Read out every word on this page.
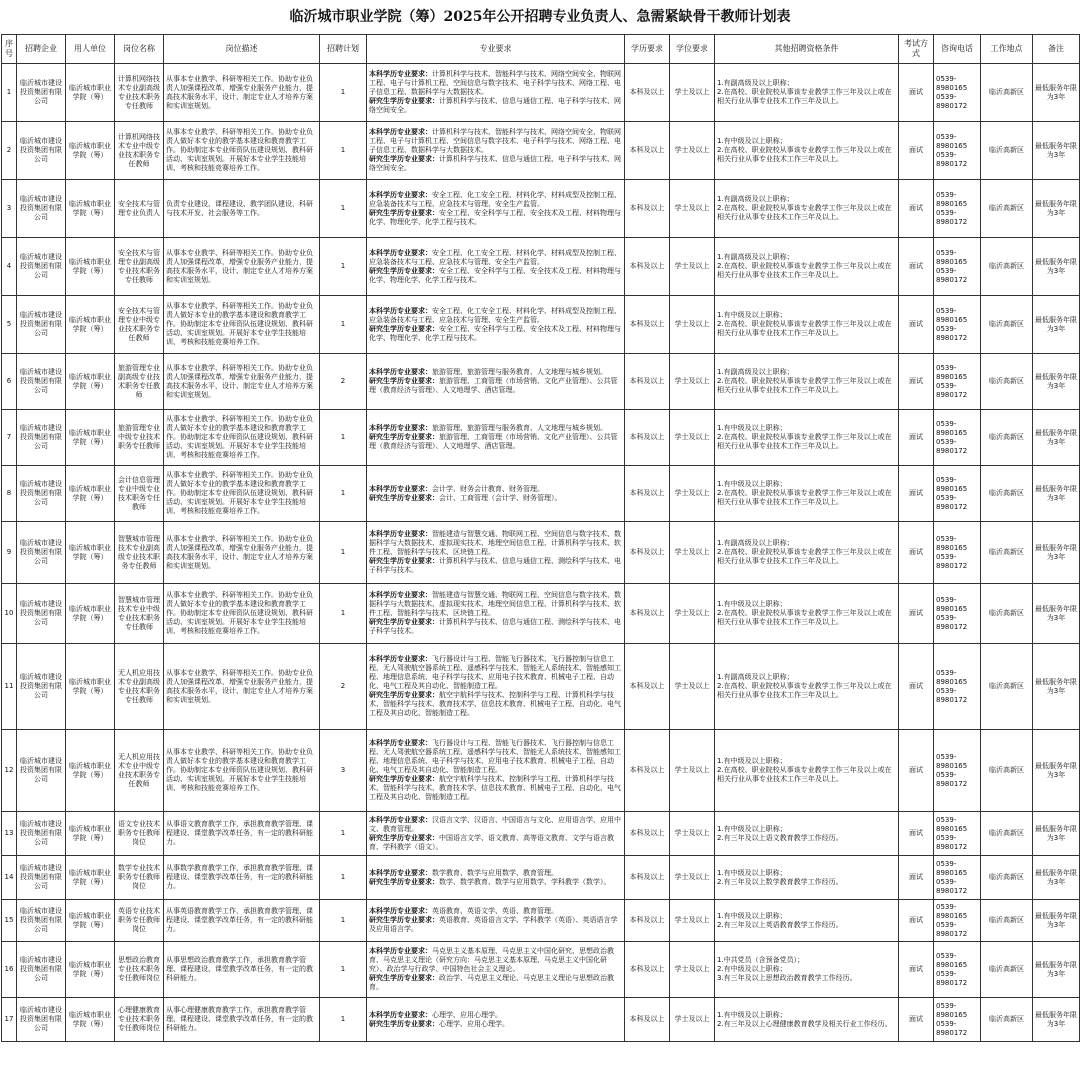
临沂城市职业学院（筹）2025年公开招聘专业负责人、急需紧缺骨干教师计划表
序号	招聘企业	用人单位	岗位名称	岗位描述	招聘计划	专业要求	学历要求	学位要求	其他招聘资格条件	考试方式	咨询电话	工作地点	备注
1	临沂城市建设投资集团有限公司	临沂城市职业学院（筹）	计算机网络技术专业副高级专业技术职务专任教师	从事本专业教学、科研等相关工作。协助专业负责人加强课程改革，增强专业服务产业能力，提高技术服务水平，设计、制定专业人才培养方案和实训室规划。	1	本科学历专业要求：计算机科学与技术、智能科学与技术、网络空间安全、物联网工程、电子与计算机工程、空间信息与数字技术、电子科学与技术、网络工程、电子信息工程、数据科学与大数据技术。
研究生学历专业要求：计算机科学与技术、信息与通信工程、电子科学与技术、网络空间安全。	本科及以上	学士及以上	1.有副高级及以上职称；
2.在高校、职业院校从事该专业教学工作三年及以上或在相关行业从事专业技术工作三年及以上。	面试	0539-8980165 0539-8980172	临沂高新区	最低服务年限为3年
2	临沂城市建设投资集团有限公司	临沂城市职业学院（筹）	计算机网络技术专业中级专业技术职务专任教师	从事本专业教学、科研等相关工作。协助专业负责人做好本专业的教学基本建设和教育教学工作。协助制定本专业师资队伍建设规划、教科研活动、实训室规划。开展好本专业学生技能培训、考核和技能竞赛培养工作。	1	本科学历专业要求：计算机科学与技术、智能科学与技术、网络空间安全、物联网工程、电子与计算机工程、空间信息与数字技术、电子科学与技术、网络工程、电子信息工程、数据科学与大数据技术。
研究生学历专业要求：计算机科学与技术、信息与通信工程、电子科学与技术、网络空间安全。	本科及以上	学士及以上	1.有中级及以上职称；
2.在高校、职业院校从事该专业教学工作三年及以上或在相关行业从事专业技术工作三年及以上。	面试	0539-8980165 0539-8980172	临沂高新区	最低服务年限为3年
3	临沂城市建设投资集团有限公司	临沂城市职业学院（筹）	安全技术与管理专业负责人	负责专业建设、课程建设、教学团队建设，科研与技术开发、社会服务等工作。	1	本科学历专业要求：安全工程、化工安全工程、材料化学、材料成型及控制工程、应急装备技术与工程、应急技术与管理、安全生产监管。
研究生学历专业要求：安全工程、安全科学与工程、安全技术及工程、材料物理与化学、物理化学、化学工程与技术。	本科及以上	学士及以上	1.有副高级及以上职称；
2.在高校、职业院校从事该专业教学工作三年及以上或在相关行业从事专业技术工作三年及以上。	面试	0539-8980165 0539-8980172	临沂高新区	最低服务年限为3年
4	临沂城市建设投资集团有限公司	临沂城市职业学院（筹）	安全技术与管理专业副高级专业技术职务专任教师	从事本专业教学、科研等相关工作。协助专业负责人加强课程改革，增强专业服务产业能力，提高技术服务水平，设计、制定专业人才培养方案和实训室规划。	1	本科学历专业要求：安全工程、化工安全工程、材料化学、材料成型及控制工程、应急装备技术与工程、应急技术与管理、安全生产监管。
研究生学历专业要求：安全工程、安全科学与工程、安全技术及工程、材料物理与化学、物理化学、化学工程与技术。	本科及以上	学士及以上	1.有副高级及以上职称；
2.在高校、职业院校从事该专业教学工作三年及以上或在相关行业从事专业技术工作三年及以上。	面试	0539-8980165 0539-8980172	临沂高新区	最低服务年限为3年
5	临沂城市建设投资集团有限公司	临沂城市职业学院（筹）	安全技术与管理专业中级专业技术职务专任教师	从事本专业教学、科研等相关工作。协助专业负责人做好本专业的教学基本建设和教育教学工作。协助制定本专业师资队伍建设规划、教科研活动、实训室规划。开展好本专业学生技能培训、考核和技能竞赛培养工作。	1	本科学历专业要求：安全工程、化工安全工程、材料化学、材料成型及控制工程、应急装备技术与工程、应急技术与管理、安全生产监管。
研究生学历专业要求：安全工程、安全科学与工程、安全技术及工程、材料物理与化学、物理化学、化学工程与技术。	本科及以上	学士及以上	1.有中级及以上职称；
2.在高校、职业院校从事该专业教学工作三年及以上或在相关行业从事专业技术工作三年及以上。	面试	0539-8980165 0539-8980172	临沂高新区	最低服务年限为3年
6	临沂城市建设投资集团有限公司	临沂城市职业学院（筹）	旅游管理专业副高级专业技术职务专任教师	从事本专业教学、科研等相关工作。协助专业负责人加强课程改革，增强专业服务产业能力，提高技术服务水平，设计、制定专业人才培养方案和实训室规划。	2	本科学历专业要求：旅游管理、旅游管理与服务教育、人文地理与城乡规划。
研究生学历专业要求：旅游管理、工商管理（市场营销、文化产业管理）、公共管理（教育经济与管理）、人文地理学、酒店管理。	本科及以上	学士及以上	1.有副高级及以上职称；
2.在高校、职业院校从事该专业教学工作三年及以上或在相关行业从事专业技术工作三年及以上。	面试	0539-8980165 0539-8980172	临沂高新区	最低服务年限为3年
7	临沂城市建设投资集团有限公司	临沂城市职业学院（筹）	旅游管理专业中级专业技术职务专任教师	从事本专业教学、科研等相关工作。协助专业负责人做好本专业的教学基本建设和教育教学工作。协助制定本专业师资队伍建设规划、教科研活动、实训室规划。开展好本专业学生技能培训、考核和技能竞赛培养工作。	1	本科学历专业要求：旅游管理、旅游管理与服务教育、人文地理与城乡规划。
研究生学历专业要求：旅游管理、工商管理（市场营销、文化产业管理）、公共管理（教育经济与管理）、人文地理学、酒店管理。	本科及以上	学士及以上	1.有中级及以上职称；
2.在高校、职业院校从事该专业教学工作三年及以上或在相关行业从事专业技术工作三年及以上。	面试	0539-8980165 0539-8980172	临沂高新区	最低服务年限为3年
8	临沂城市建设投资集团有限公司	临沂城市职业学院（筹）	会计信息管理专业中级专业技术职务专任教师	从事本专业教学、科研等相关工作。协助专业负责人做好本专业的教学基本建设和教育教学工作。协助制定本专业师资队伍建设规划、教科研活动、实训室规划。开展好本专业学生技能培训、考核和技能竞赛培养工作。	1	本科学历专业要求：会计学、财务会计教育、财务管理。
研究生学历专业要求：会计、工商管理（会计学、财务管理）。	本科及以上	学士及以上	1.有中级及以上职称；
2.在高校、职业院校从事该专业教学工作三年及以上或在相关行业从事专业技术工作三年及以上。	面试	0539-8980165 0539-8980172	临沂高新区	最低服务年限为3年
9	临沂城市建设投资集团有限公司	临沂城市职业学院（筹）	智慧城市管理技术专业副高级专业技术职务专任教师	从事本专业教学、科研等相关工作。协助专业负责人加强课程改革，增强专业服务产业能力，提高技术服务水平，设计、制定专业人才培养方案和实训室规划。	1	本科学历专业要求：智能建造与智慧交通、物联网工程、空间信息与数字技术、数据科学与大数据技术、虚拟现实技术、地理空间信息工程、计算机科学与技术、软件工程、智能科学与技术、区块链工程。
研究生学历专业要求：计算机科学与技术、信息与通信工程、测绘科学与技术、电子科学与技术。	本科及以上	学士及以上	1.有副高级及以上职称；
2.在高校、职业院校从事该专业教学工作三年及以上或在相关行业从事专业技术工作三年及以上。	面试	0539-8980165 0539-8980172	临沂高新区	最低服务年限为3年
10	临沂城市建设投资集团有限公司	临沂城市职业学院（筹）	智慧城市管理技术专业中级专业技术职务专任教师	从事本专业教学、科研等相关工作。协助专业负责人做好本专业的教学基本建设和教育教学工作。协助制定本专业师资队伍建设规划、教科研活动、实训室规划。开展好本专业学生技能培训、考核和技能竞赛培养工作。	1	本科学历专业要求：智能建造与智慧交通、物联网工程、空间信息与数字技术、数据科学与大数据技术、虚拟现实技术、地理空间信息工程、计算机科学与技术、软件工程、智能科学与技术、区块链工程。
研究生学历专业要求：计算机科学与技术、信息与通信工程、测绘科学与技术、电子科学与技术。	本科及以上	学士及以上	1.有中级及以上职称；
2.在高校、职业院校从事该专业教学工作三年及以上或在相关行业从事专业技术工作三年及以上。	面试	0539-8980165 0539-8980172	临沂高新区	最低服务年限为3年
11	临沂城市建设投资集团有限公司	临沂城市职业学院（筹）	无人机应用技术专业副高级专业技术职务专任教师	从事本专业教学、科研等相关工作。协助专业负责人加强课程改革，增强专业服务产业能力，提高技术服务水平，设计、制定专业人才培养方案和实训室规划。	2	本科学历专业要求：飞行器设计与工程、智能飞行器技术、飞行器控制与信息工程、无人驾驶航空器系统工程、遥感科学与技术、智能无人系统技术、智能感知工程、地理信息系统、电子科学与技术、应用电子技术教育、机械电子工程、自动化、电气工程及其自动化、智能制造工程。
研究生学历专业要求：航空宇航科学与技术、控制科学与工程、计算机科学与技术、智能科学与技术、教育技术学、信息技术教育、机械电子工程、自动化、电气工程及其自动化、智能制造工程。	本科及以上	学士及以上	1.有副高级及以上职称；
2.在高校、职业院校从事该专业教学工作三年及以上或在相关行业从事专业技术工作三年及以上。	面试	0539-8980165 0539-8980172	临沂高新区	最低服务年限为3年
12	临沂城市建设投资集团有限公司	临沂城市职业学院（筹）	无人机应用技术专业中级专业技术职务专任教师	从事本专业教学、科研等相关工作。协助专业负责人做好本专业的教学基本建设和教育教学工作。协助制定本专业师资队伍建设规划、教科研活动、实训室规划。开展好本专业学生技能培训、考核和技能竞赛培养工作。	3	本科学历专业要求：飞行器设计与工程、智能飞行器技术、飞行器控制与信息工程、无人驾驶航空器系统工程、遥感科学与技术、智能无人系统技术、智能感知工程、地理信息系统、电子科学与技术、应用电子技术教育、机械电子工程、自动化、电气工程及其自动化、智能制造工程。
研究生学历专业要求：航空宇航科学与技术、控制科学与工程、计算机科学与技术、智能科学与技术、教育技术学、信息技术教育、机械电子工程、自动化、电气工程及其自动化、智能制造工程。	本科及以上	学士及以上	1.有中级及以上职称；
2.在高校、职业院校从事该专业教学工作三年及以上或在相关行业从事专业技术工作三年及以上。	面试	0539-8980165 0539-8980172	临沂高新区	最低服务年限为3年
13	临沂城市建设投资集团有限公司	临沂城市职业学院（筹）	语文专业技术职务专任教师岗位	从事语文教育教学工作，承担教育教学管理、课程建设、课堂教学改革任务，有一定的教科研能力。	1	本科学历专业要求：汉语言文学、汉语言、中国语言与文化、应用语言学、应用中文、教育管理。
研究生学历专业要求：中国语言文学、语文教育、高等语文教育、文学与语言教育、学科教学（语文）。	本科及以上	学士及以上	1.有中级及以上职称；
2.有三年及以上语文教育教学工作经历。	面试	0539-8980165 0539-8980172	临沂高新区	最低服务年限为3年
14	临沂城市建设投资集团有限公司	临沂城市职业学院（筹）	数学专业技术职务专任教师岗位	从事数学教育教学工作，承担教育教学管理、课程建设、课堂教学改革任务，有一定的教科研能力。	1	本科学历专业要求：数学教育、数学与应用数学、教育管理。
研究生学历专业要求：数学、数学教育、数学与应用数学、学科教学（数学）。	本科及以上	学士及以上	1.有中级及以上职称；
2.有三年及以上数学教育教学工作经历。	面试	0539-8980165 0539-8980172	临沂高新区	最低服务年限为3年
15	临沂城市建设投资集团有限公司	临沂城市职业学院（筹）	英语专业技术职务专任教师岗位	从事英语教育教学工作，承担教育教学管理、课程建设、课堂教学改革任务，有一定的教科研能力。	1	本科学历专业要求：英语教育、英语文学、英语、教育管理。
研究生学历专业要求：英语教育、英语语言文学、学科教学（英语）、英语语言学及应用语言学。	本科及以上	学士及以上	1.有中级及以上职称；
2.有三年及以上英语教育教学工作经历。	面试	0539-8980165 0539-8980172	临沂高新区	最低服务年限为3年
16	临沂城市建设投资集团有限公司	临沂城市职业学院（筹）	思想政治教育专业技术职务专任教师岗位	从事思想政治教育教学工作，承担教育教学管理、课程建设、课堂教学改革任务，有一定的教科研能力。	1	本科学历专业要求：马克思主义基本原理、马克思主义中国化研究、思想政治教育、马克思主义理论（研究方向：马克思主义基本原理、马克思主义中国化研究）、政治学与行政学、中国特色社会主义理论。
研究生学历专业要求：政治学、马克思主义理论、马克思主义理论与思想政治教育。	本科及以上	学士及以上	1.中共党员（含预备党员）；
2.有中级及以上职称；
3.有三年及以上思想政治教育教学工作经历。	面试	0539-8980165 0539-8980172	临沂高新区	最低服务年限为3年
17	临沂城市建设投资集团有限公司	临沂城市职业学院（筹）	心理健康教育专业技术职务专任教师岗位	从事心理健康教育教学工作，承担教育教学管理、课程建设、课堂教学改革任务，有一定的教科研能力。	1	本科学历专业要求：心理学、应用心理学。
研究生学历专业要求：心理学、应用心理学。	本科及以上	学士及以上	1.有中级及以上职称；
2.有三年及以上心理健康教育教学及相关行业工作经历。	面试	0539-8980165 0539-8980172	临沂高新区	最低服务年限为3年
